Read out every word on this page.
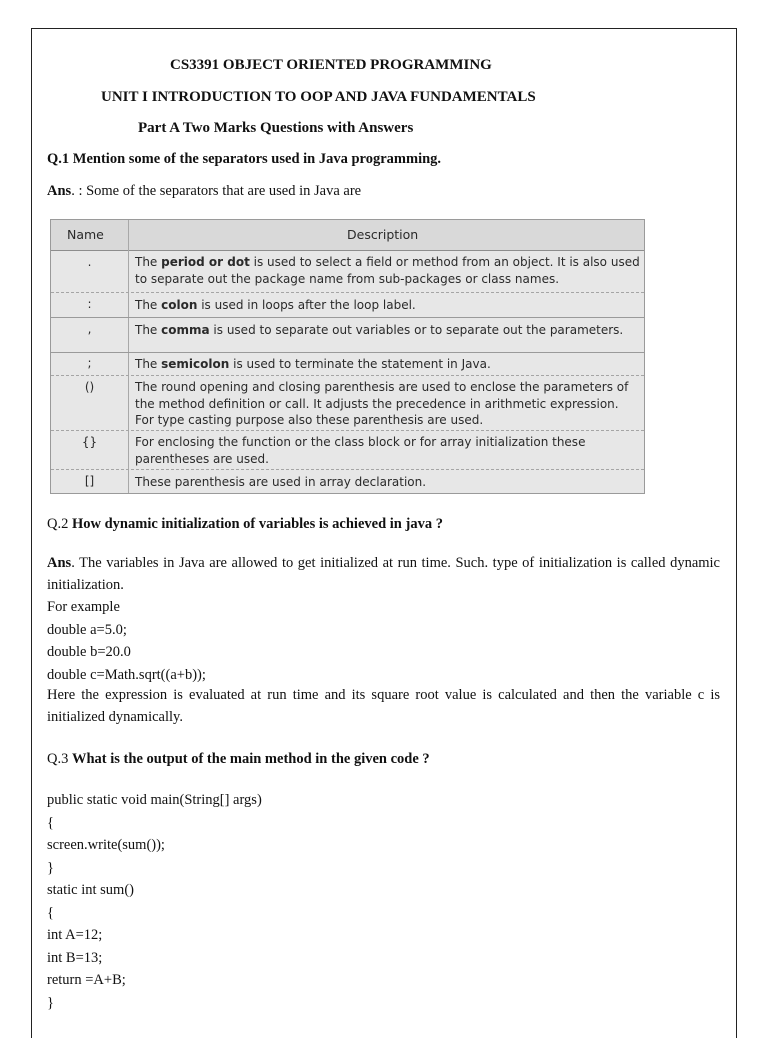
CS3391 OBJECT ORIENTED PROGRAMMING
UNIT I INTRODUCTION TO OOP AND JAVA FUNDAMENTALS
Part A Two Marks Questions with Answers
Q.1 Mention some of the separators used in Java programming.
Ans. : Some of the separators that are used in Java are
Name	Description
.	The period or dot is used to select a field or method from an object. It is also used to separate out the package name from sub-packages or class names.
:	The colon is used in loops after the loop label.
,	The comma is used to separate out variables or to separate out the parameters.
;	The semicolon is used to terminate the statement in Java.
()	The round opening and closing parenthesis are used to enclose the parameters of the method definition or call. It adjusts the precedence in arithmetic expression. For type casting purpose also these parenthesis are used.
{}	For enclosing the function or the class block or for array initialization these parentheses are used.
[]	These parenthesis are used in array declaration.
Q.2 How dynamic initialization of variables is achieved in java ?
Ans. The variables in Java are allowed to get initialized at run time. Such. type of initialization is called dynamic initialization.
For example
double a=5.0;
double b=20.0
double c=Math.sqrt((a+b));
Here the expression is evaluated at run time and its square root value is calculated and then the variable c is initialized dynamically.
Q.3 What is the output of the main method in the given code ?
public static void main(String[] args)
{
screen.write(sum());
}
static int sum()
{
int A=12;
int B=13;
return =A+B;
}
